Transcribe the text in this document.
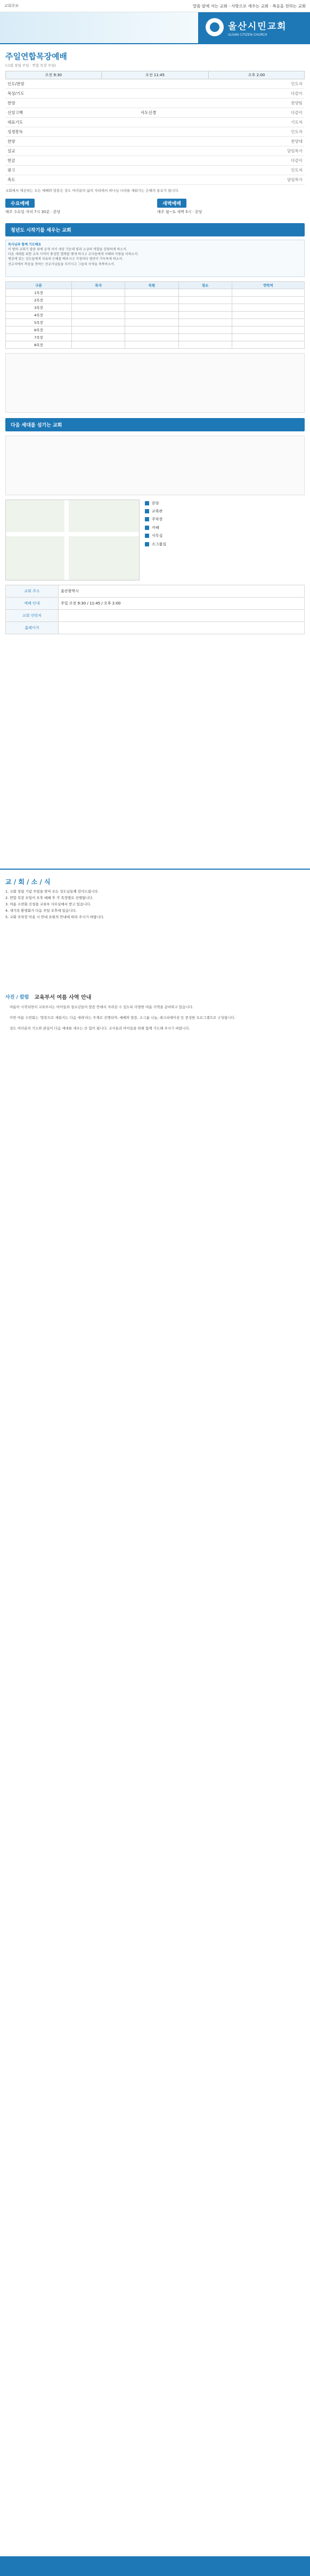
교회주보	말씀 앞에 서는 교회 · 사랑으로 세우는 교회 · 복음을 전하는 교회
울산시민교회
ULSAN CITIZEN CHURCH
주일연합목장예배
(교회 창립 주일 · 연합 목장 주일)
오전 9:30	오전 11:45	오후 2:00
인도/찬양		인도자
묵상/기도		다같이
찬양		찬양팀
신앙고백	사도신경	다같이
대표기도		기도자
성경봉독		인도자
찬양		찬양대
설교		담임목사
헌금		다같이
광고		인도자
축도		담임목사
교회에서 제공하는 모든 예배와 말씀은 성도 여러분의 삶의 자리에서 하나님 나라를 세워가는 은혜의 통로가 됩니다.
수요예배
매주 수요일 저녁 7시 30분 · 본당
새벽예배
매주 월~토 새벽 5시 · 본당
청년도 시작기를 세우는 교회
목사님과 함께 기도해요
이 땅의 교회가 말씀 위에 굳게 서서 세상 가운데 빛과 소금의 역할을 감당하게 하소서.
다음 세대를 위한 교육 사역이 풍성한 열매를 맺게 하시고 교사들에게 지혜와 사랑을 더하소서.
병상에 있는 성도들에게 치유의 은혜를 베푸시고 가정마다 평안이 가득하게 하소서.
선교지에서 복음을 전하는 선교사님들을 지키시고 그들의 사역을 축복하소서.
구분	목자	목원	장소	연락처
1목장				
2목장				
3목장				
4목장				
5목장				
6목장				
7목장				
8목장				
다음 세대를 섬기는 교회
본당
교육관
주차장
카페
사무실
소그룹실
교회 주소	울산광역시
예배 안내	주일 오전 9:30 / 11:45 / 오후 2:00
교회 연락처	
홈페이지	
교 / 회 / 소 / 식
1. 교회 창립 기념 주일을 맞아 모든 성도님들께 감사드립니다.
2. 연합 목장 모임이 오후 예배 후 각 목장별로 진행됩니다.
3. 여름 수련회 신청을 교육부 사무실에서 받고 있습니다.
4. 새가족 환영회가 다음 주일 오후에 있습니다.
5. 교회 주차장 이용 시 안내 요원의 안내에 따라 주시기 바랍니다.
사진 / 칼럼 교육부서 여름 사역 안내

여름이 시작되면서 교육부서는 아이들과 청소년들이 말씀 안에서 자라갈 수 있도록 다양한 여름 사역을 준비하고 있습니다.

이번 여름 수련회는 '말씀으로 세워지는 다음 세대'라는 주제로 진행되며, 예배와 말씀, 소그룹 나눔, 레크리에이션 등 풍성한 프로그램으로 구성됩니다.

성도 여러분의 기도와 관심이 다음 세대를 세우는 큰 힘이 됩니다. 교사들과 아이들을 위해 함께 기도해 주시기 바랍니다.
